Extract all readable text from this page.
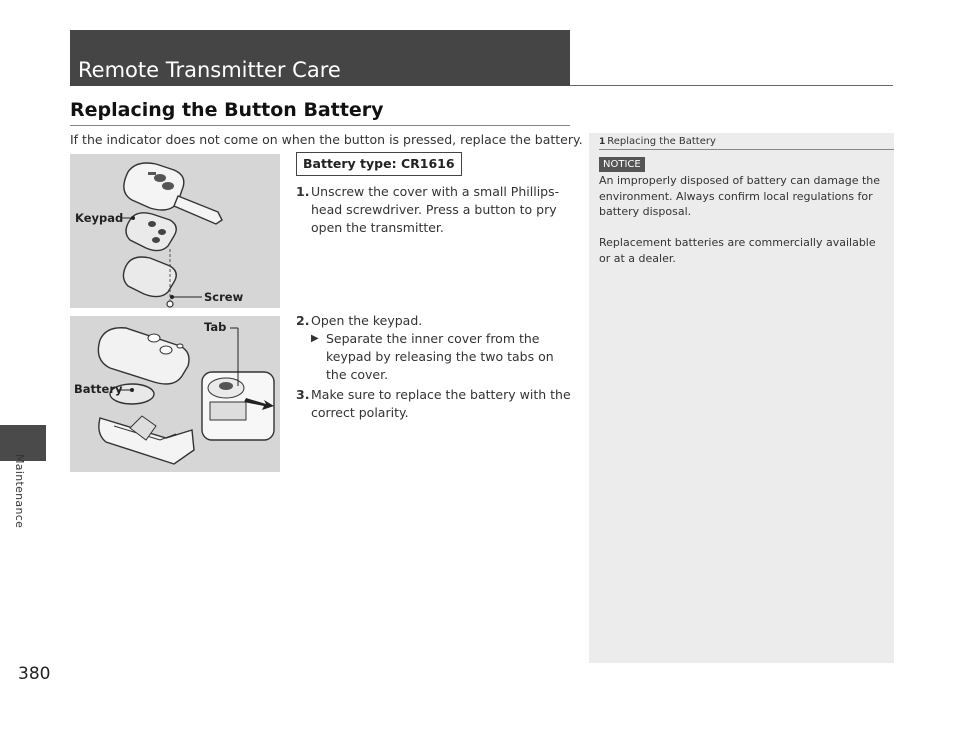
Maintenance
380
Remote Transmitter Care
Replacing the Button Battery
If the indicator does not come on when the button is pressed, replace the battery.
Keypad
Screw
Tab
Battery
Battery type: CR1616
1. Unscrew the cover with a small Phillips-head screwdriver. Press a button to pry open the transmitter.
2. Open the keypad.
▶ Separate the inner cover from the keypad by releasing the two tabs on the cover.
3. Make sure to replace the battery with the correct polarity.
1 Replacing the Battery
NOTICE
An improperly disposed of battery can damage the environment. Always confirm local regulations for battery disposal.
Replacement batteries are commercially available or at a dealer.
